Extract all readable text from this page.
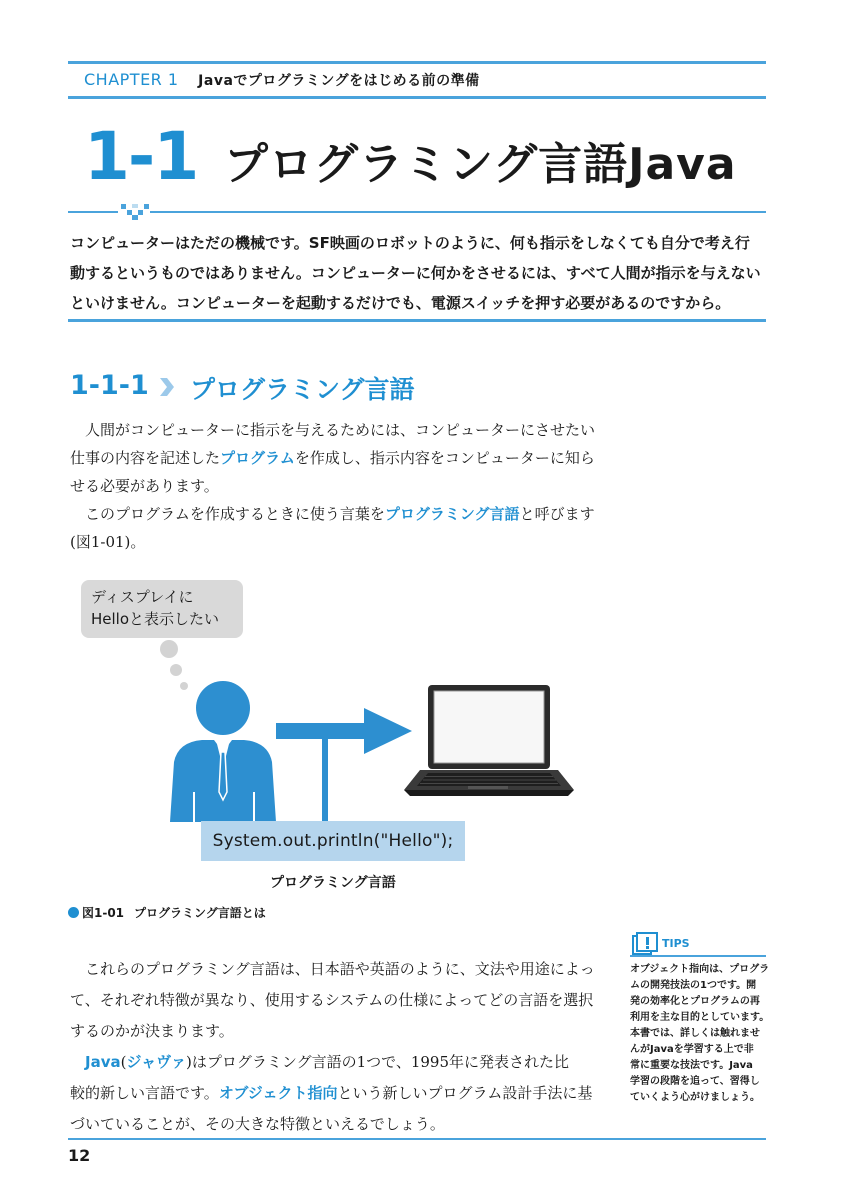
CHAPTER 1 Javaでプログラミングをはじめる前の準備
1-1 プログラミング言語Java

コンピューターはただの機械です。SF映画のロボットのように、何も指示をしなくても自分で考え行

動するというものではありません。コンピューターに何かをさせるには、すべて人間が指示を与えない

といけません。コンピューターを起動するだけでも、電源スイッチを押す必要があるのですから。

1-1-1 プログラミング言語

人間がコンピューターに指示を与えるためには、コンピューターにさせたい

仕事の内容を記述したプログラムを作成し、指示内容をコンピューターに知ら

せる必要があります。

このプログラムを作成するときに使う言葉をプログラミング言語と呼びます

(図1-01)。

ディスプレイに
Helloと表示したい
System.out.println("Hello");
プログラミング言語
図1-01 プログラミング言語とは

これらのプログラミング言語は、日本語や英語のように、文法や用途によっ

て、それぞれ特徴が異なり、使用するシステムの仕様によってどの言語を選択

するのかが決まります。

Java(ジャヴァ)はプログラミング言語の1つで、1995年に発表された比

較的新しい言語です。オブジェクト指向という新しいプログラム設計手法に基

づいていることが、その大きな特徴といえるでしょう。

TIPS
オブジェクト指向は、プログラ
ムの開発技法の1つです。開
発の効率化とプログラムの再
利用を主な目的としています。
本書では、詳しくは触れませ
んがJavaを学習する上で非
常に重要な技法です。Java
学習の段階を追って、習得し
ていくよう心がけましょう。
12
